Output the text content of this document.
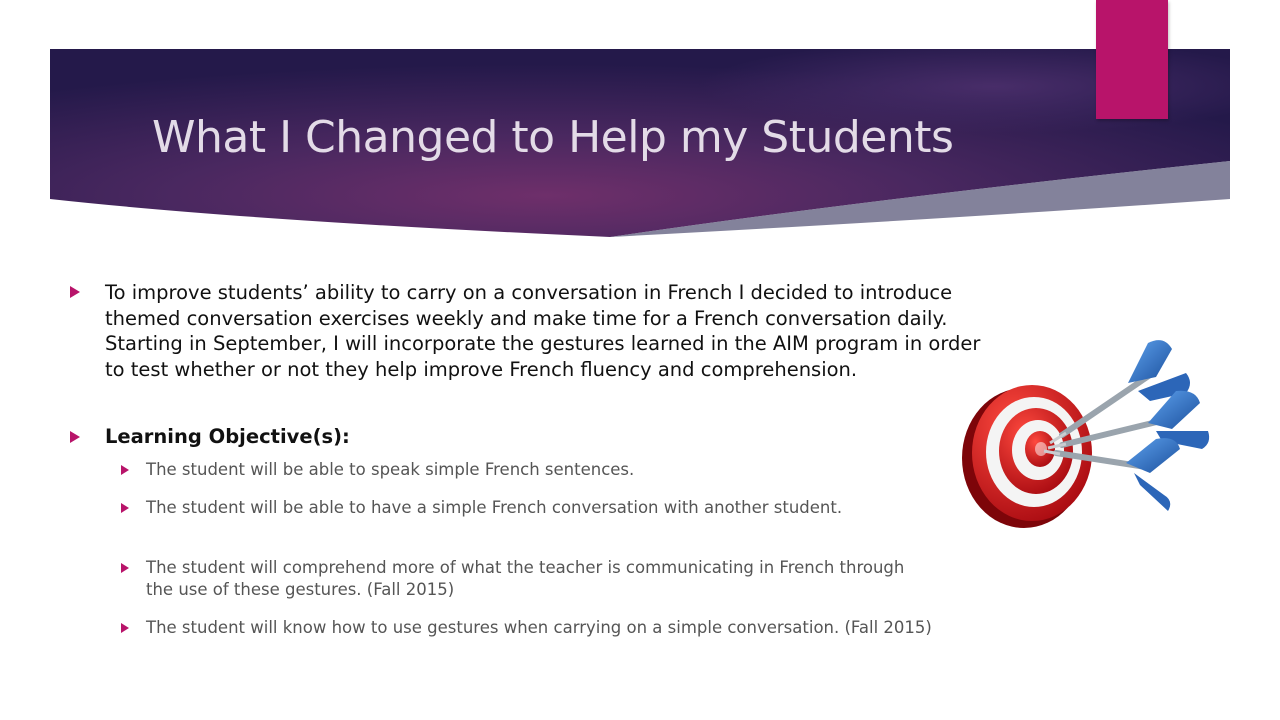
What I Changed to Help my Students

To improve students’ ability to carry on a conversation in French I decided to introduce themed conversation exercises weekly and make time for a French conversation daily. Starting in September, I will incorporate the gestures learned in the AIM program in order to test whether or not they help improve French fluency and comprehension.

Learning Objective(s):

The student will be able to speak simple French sentences.

The student will be able to have a simple French conversation with another student.

The student will comprehend more of what the teacher is communicating in French through the use of these gestures. (Fall 2015)

The student will know how to use gestures when carrying on a simple conversation. (Fall 2015)
